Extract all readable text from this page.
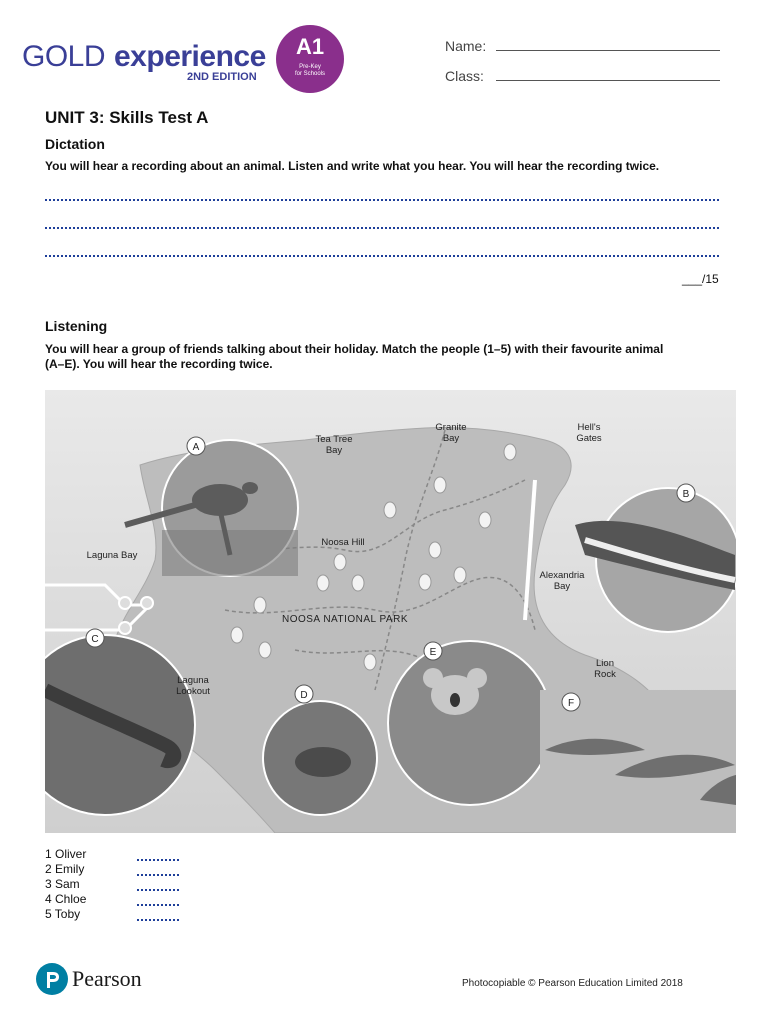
GOLD experience
2ND EDITION
A1
Pre-Key
for Schools
Name:
Class:
UNIT 3: Skills Test A
Dictation
You will hear a recording about an animal. Listen and write what you hear. You will hear the recording twice.
___/15
Listening
You will hear a group of friends talking about their holiday. Match the people (1–5) with their favourite animal
(A–E). You will hear the recording twice.
A
B
C
D
E
F
Tea Tree
Bay
Granite
Bay
Hell's
Gates
Laguna Bay
Noosa Hill
Alexandria
Bay
NOOSA NATIONAL PARK
Laguna
Lookout
Lion
Rock
1 Oliver
2 Emily
3 Sam
4 Chloe
5 Toby
Pearson	Photocopiable © Pearson Education Limited 2018
